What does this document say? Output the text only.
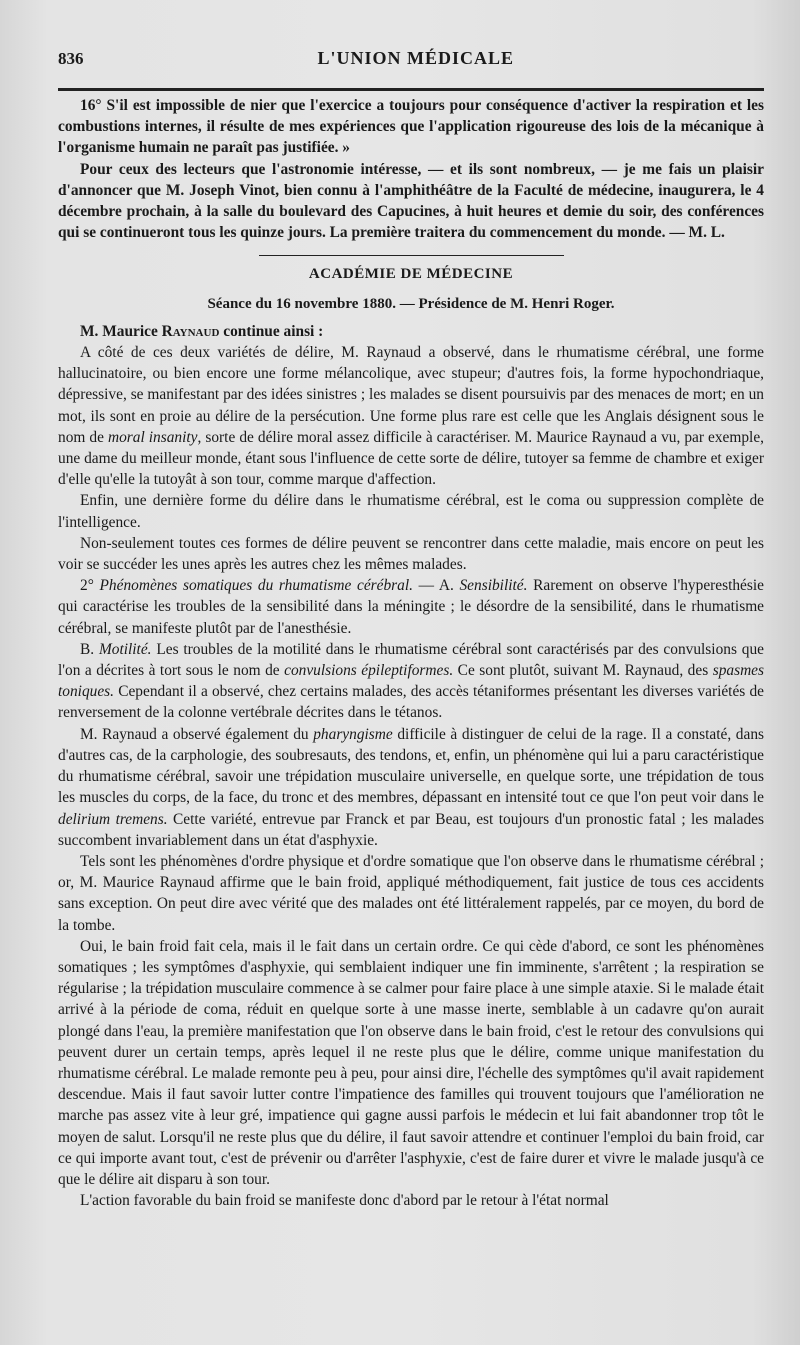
836	L'UNION MÉDICALE

16° S'il est impossible de nier que l'exercice a toujours pour conséquence d'activer la respiration et les combustions internes, il résulte de mes expériences que l'application rigoureuse des lois de la mécanique à l'organisme humain ne paraît pas justifiée. »

Pour ceux des lecteurs que l'astronomie intéresse, — et ils sont nombreux, — je me fais un plaisir d'annoncer que M. Joseph Vinot, bien connu à l'amphithéâtre de la Faculté de médecine, inaugurera, le 4 décembre prochain, à la salle du boulevard des Capucines, à huit heures et demie du soir, des conférences qui se continueront tous les quinze jours. La première traitera du commencement du monde. — M. L.

ACADÉMIE DE MÉDECINE
Séance du 16 novembre 1880. — Présidence de M. Henri Roger.

M. Maurice Raynaud continue ainsi :

A côté de ces deux variétés de délire, M. Raynaud a observé, dans le rhumatisme cérébral, une forme hallucinatoire, ou bien encore une forme mélancolique, avec stupeur; d'autres fois, la forme hypochondriaque, dépressive, se manifestant par des idées sinistres ; les malades se disent poursuivis par des menaces de mort; en un mot, ils sont en proie au délire de la persécution. Une forme plus rare est celle que les Anglais désignent sous le nom de moral insanity, sorte de délire moral assez difficile à caractériser. M. Maurice Raynaud a vu, par exemple, une dame du meilleur monde, étant sous l'influence de cette sorte de délire, tutoyer sa femme de chambre et exiger d'elle qu'elle la tutoyât à son tour, comme marque d'affection.

Enfin, une dernière forme du délire dans le rhumatisme cérébral, est le coma ou suppression complète de l'intelligence.

Non-seulement toutes ces formes de délire peuvent se rencontrer dans cette maladie, mais encore on peut les voir se succéder les unes après les autres chez les mêmes malades.

2° Phénomènes somatiques du rhumatisme cérébral. — A. Sensibilité. Rarement on observe l'hyperesthésie qui caractérise les troubles de la sensibilité dans la méningite ; le désordre de la sensibilité, dans le rhumatisme cérébral, se manifeste plutôt par de l'anesthésie.

B. Motilité. Les troubles de la motilité dans le rhumatisme cérébral sont caractérisés par des convulsions que l'on a décrites à tort sous le nom de convulsions épileptiformes. Ce sont plutôt, suivant M. Raynaud, des spasmes toniques. Cependant il a observé, chez certains malades, des accès tétaniformes présentant les diverses variétés de renversement de la colonne vertébrale décrites dans le tétanos.

M. Raynaud a observé également du pharyngisme difficile à distinguer de celui de la rage. Il a constaté, dans d'autres cas, de la carphologie, des soubresauts, des tendons, et, enfin, un phénomène qui lui a paru caractéristique du rhumatisme cérébral, savoir une trépidation musculaire universelle, en quelque sorte, une trépidation de tous les muscles du corps, de la face, du tronc et des membres, dépassant en intensité tout ce que l'on peut voir dans le delirium tremens. Cette variété, entrevue par Franck et par Beau, est toujours d'un pronostic fatal ; les malades succombent invariablement dans un état d'asphyxie.

Tels sont les phénomènes d'ordre physique et d'ordre somatique que l'on observe dans le rhumatisme cérébral ; or, M. Maurice Raynaud affirme que le bain froid, appliqué méthodiquement, fait justice de tous ces accidents sans exception. On peut dire avec vérité que des malades ont été littéralement rappelés, par ce moyen, du bord de la tombe.

Oui, le bain froid fait cela, mais il le fait dans un certain ordre. Ce qui cède d'abord, ce sont les phénomènes somatiques ; les symptômes d'asphyxie, qui semblaient indiquer une fin imminente, s'arrêtent ; la respiration se régularise ; la trépidation musculaire commence à se calmer pour faire place à une simple ataxie. Si le malade était arrivé à la période de coma, réduit en quelque sorte à une masse inerte, semblable à un cadavre qu'on aurait plongé dans l'eau, la première manifestation que l'on observe dans le bain froid, c'est le retour des convulsions qui peuvent durer un certain temps, après lequel il ne reste plus que le délire, comme unique manifestation du rhumatisme cérébral. Le malade remonte peu à peu, pour ainsi dire, l'échelle des symptômes qu'il avait rapidement descendue. Mais il faut savoir lutter contre l'impatience des familles qui trouvent toujours que l'amélioration ne marche pas assez vite à leur gré, impatience qui gagne aussi parfois le médecin et lui fait abandonner trop tôt le moyen de salut. Lorsqu'il ne reste plus que du délire, il faut savoir attendre et continuer l'emploi du bain froid, car ce qui importe avant tout, c'est de prévenir ou d'arrêter l'asphyxie, c'est de faire durer et vivre le malade jusqu'à ce que le délire ait disparu à son tour.

L'action favorable du bain froid se manifeste donc d'abord par le retour à l'état normal
